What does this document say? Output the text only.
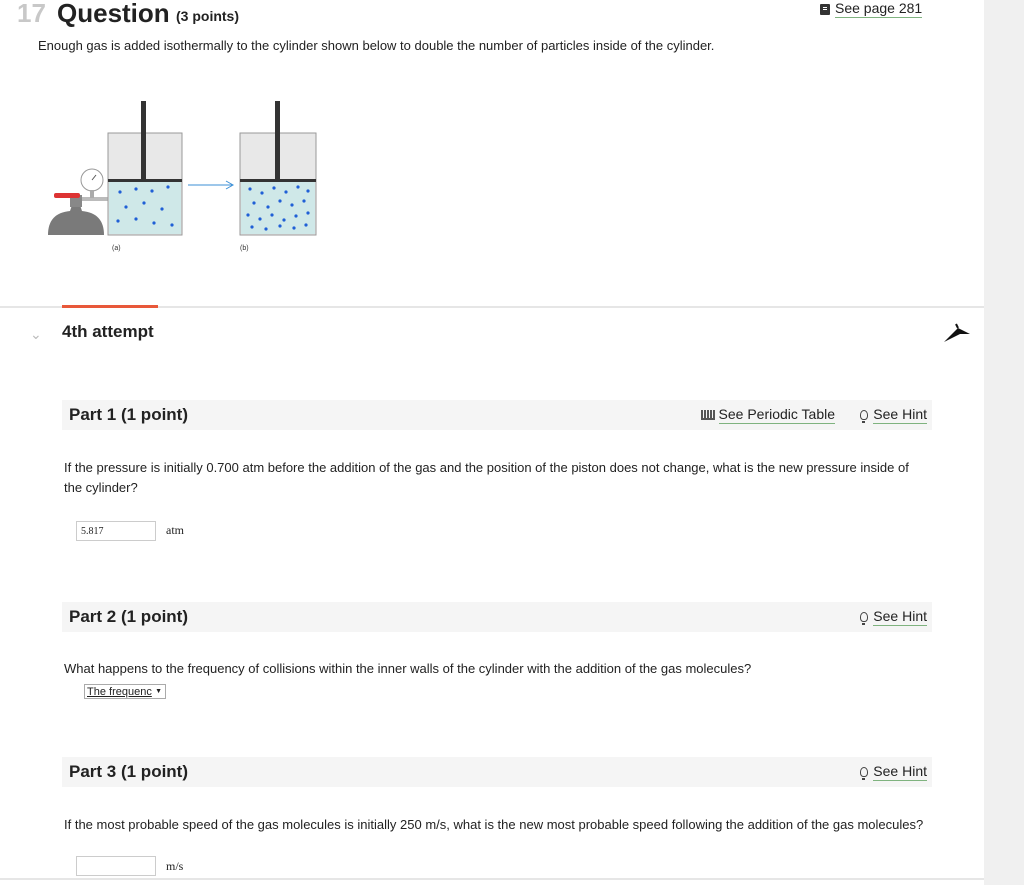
17 Question (3 points)	See page 281
Enough gas is added isothermally to the cylinder shown below to double the number of particles inside of the cylinder.
(a)	(b)
⌄ 4th attempt
Part 1 (1 point)	See Periodic Table	See Hint
If the pressure is initially 0.700 atm before the addition of the gas and the position of the piston does not change, what is the new pressure inside of the cylinder?
5.817	atm
Part 2 (1 point)	See Hint
What happens to the frequency of collisions within the inner walls of the cylinder with the addition of the gas molecules?
The frequenc ▼
Part 3 (1 point)	See Hint
If the most probable speed of the gas molecules is initially 250 m/s, what is the new most probable speed following the addition of the gas molecules?
m/s
